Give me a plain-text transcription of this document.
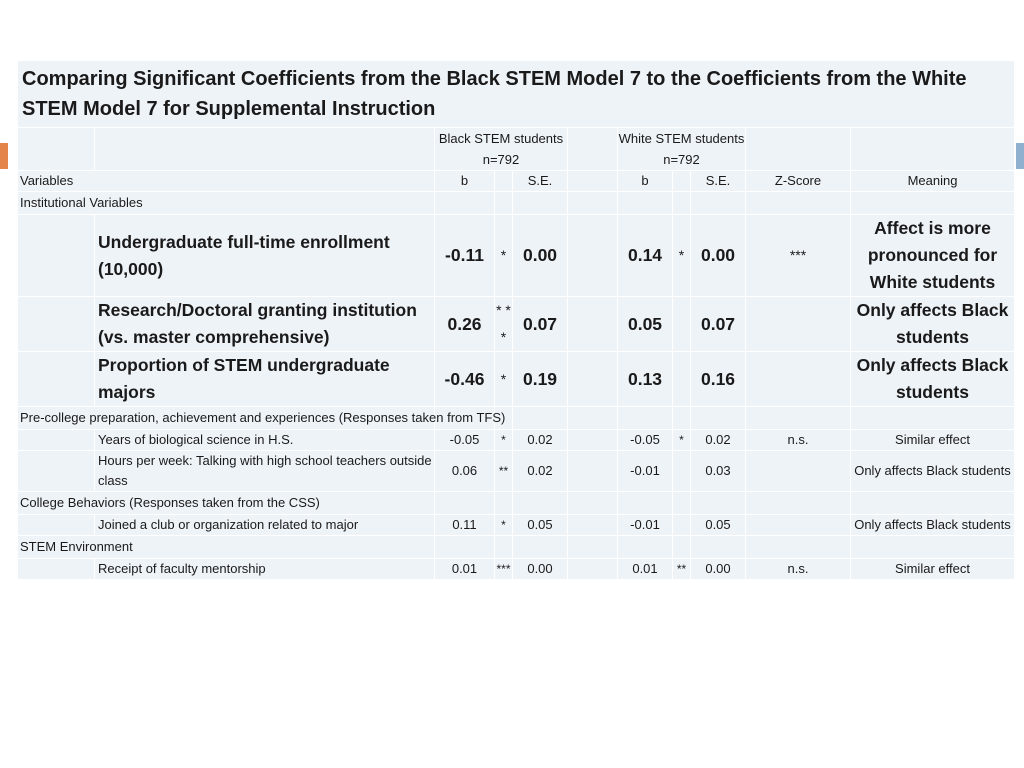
Comparing Significant Coefficients from the Black STEM Model 7 to the Coefficients from the White STEM Model 7 for Supplemental Instruction										
		Black STEM students n=792				White STEM students n=792				
Variables		b		S.E.		b		S.E.	Z-Score	Meaning
Institutional Variables										
	Undergraduate full-time enrollment (10,000)	-0.11	*	0.00		0.14	*	0.00	***	Affect is more pronounced for White students
	Research/Doctoral granting institution (vs. master comprehensive)	0.26	* * *	0.07		0.05		0.07		Only affects Black students
	Proportion of STEM undergraduate majors	-0.46	*	0.19		0.13		0.16		Only affects Black students
Pre-college preparation, achievement and experiences (Responses taken from TFS)										
	Years of biological science in H.S.	-0.05	*	0.02		-0.05	*	0.02	n.s.	Similar effect
	Hours per week: Talking with high school teachers outside class	0.06	**	0.02		-0.01		0.03		Only affects Black students
College Behaviors (Responses taken from the CSS)										
	Joined a club or organization related to major	0.11	*	0.05		-0.01		0.05		Only affects Black students
STEM Environment										
	Receipt of faculty mentorship	0.01	***	0.00		0.01	**	0.00	n.s.	Similar effect
